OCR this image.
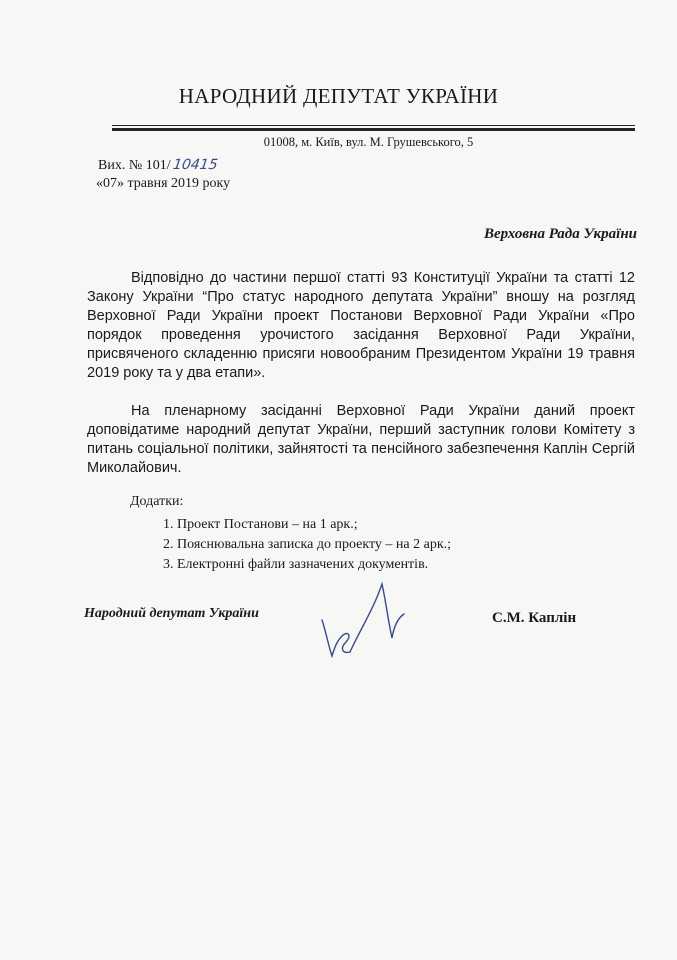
НАРОДНИЙ ДЕПУТАТ УКРАЇНИ
01008, м. Київ, вул. М. Грушевського, 5
Вих. № 101/10415
«07» травня 2019 року
Верховна Рада України
Відповідно до частини першої статті 93 Конституції України та статті 12 Закону України “Про статус народного депутата України” вношу на розгляд Верховної Ради України проект Постанови Верховної Ради України «Про порядок проведення урочистого засідання Верховної Ради України, присвяченого складенню присяги новообраним Президентом України 19 травня 2019 року та у два етапи».
На пленарному засіданні Верховної Ради України даний проект доповідатиме народний депутат України, перший заступник голови Комітету з питань соціальної політики, зайнятості та пенсійного забезпечення Каплін Сергій Миколайович.
Додатки:
1. Проект Постанови – на 1 арк.;
2. Пояснювальна записка до проекту – на 2 арк.;
3. Електронні файли зазначених документів.
Народний депутат України	С.М. Каплін
